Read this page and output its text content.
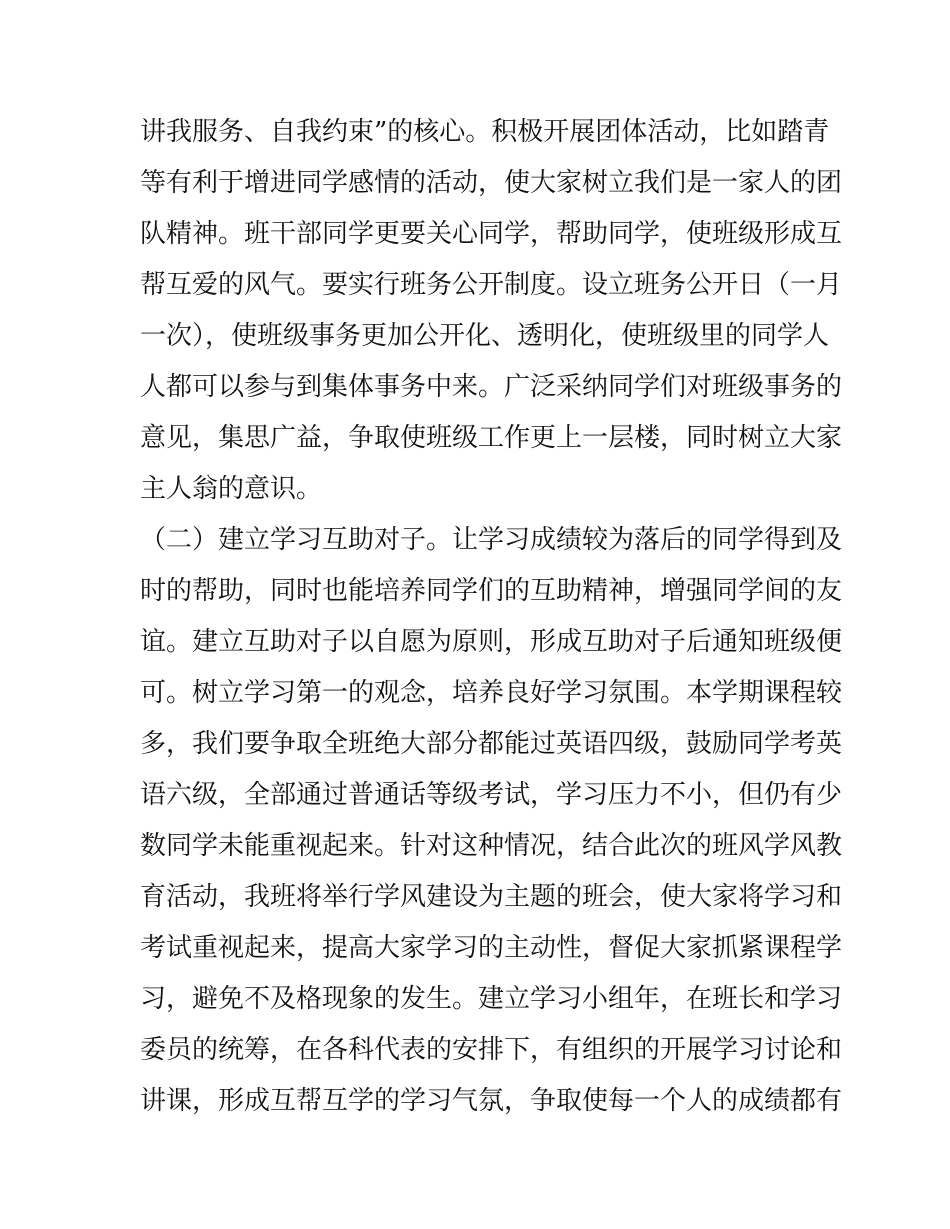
讲我服务、自我约束”的核心。积极开展团体活动，比如踏青
等有利于增进同学感情的活动，使大家树立我们是一家人的团
队精神。班干部同学更要关心同学，帮助同学，使班级形成互
帮互爱的风气。要实行班务公开制度。设立班务公开日（一月
一次），使班级事务更加公开化、透明化，使班级里的同学人
人都可以参与到集体事务中来。广泛采纳同学们对班级事务的
意见，集思广益，争取使班级工作更上一层楼，同时树立大家
主人翁的意识。
（二）建立学习互助对子。让学习成绩较为落后的同学得到及
时的帮助，同时也能培养同学们的互助精神，增强同学间的友
谊。建立互助对子以自愿为原则，形成互助对子后通知班级便
可。树立学习第一的观念，培养良好学习氛围。本学期课程较
多，我们要争取全班绝大部分都能过英语四级，鼓励同学考英
语六级，全部通过普通话等级考试，学习压力不小，但仍有少
数同学未能重视起来。针对这种情况，结合此次的班风学风教
育活动，我班将举行学风建设为主题的班会，使大家将学习和
考试重视起来，提高大家学习的主动性，督促大家抓紧课程学
习，避免不及格现象的发生。建立学习小组年，在班长和学习
委员的统筹，在各科代表的安排下，有组织的开展学习讨论和
讲课，形成互帮互学的学习气氛，争取使每一个人的成绩都有
